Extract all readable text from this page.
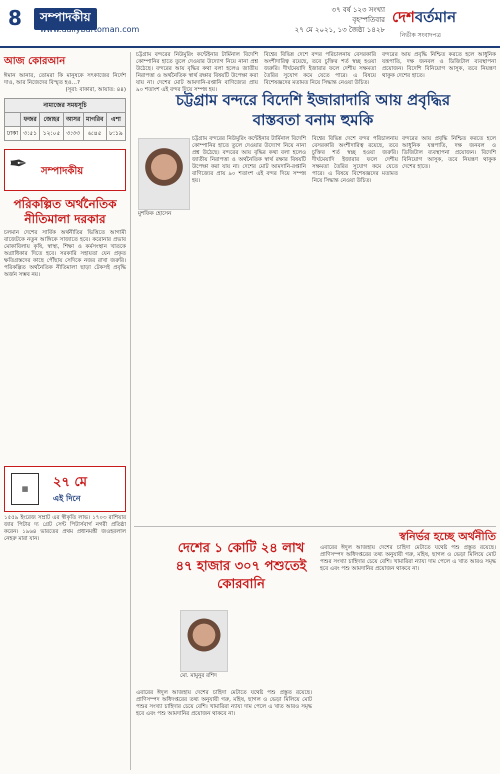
8	সম্পাদকীয়
www.dailybartoman.com
৩৭ বর্ষ ১২৩ সংখ্যা
বৃহস্পতিবার
২৭ মে ২০২১, ১৩ জৈষ্ঠ্য ১৪২৮
দেশবর্তমান
নির্ভীক সংবাদপত্র
আজ কোরআন
ঈমান আনার, তোমরা কি মানুষকে সৎকাজের নির্দেশ দাও, আর নিজেদের বিস্মৃত হও…?
(সূরা: বাকারা, আয়াত: ৪৪)
নামাজের সময়সূচি					
	ফজর	জোহর	আসর	মাগরিব	এশা
ঢাকা	৩:৫১	১২:০৫	৩:৩৩	৬:৪৫	৮:১৯
✒ সম্পাদকীয়
পরিকল্পিত অর্থনৈতিক নীতিমালা দরকার
চলমান দেশের সার্বিক অর্থনীতির ভিত্তিতে আগামী বাজেটকে নতুন আঙ্গিকে সাজাতে হবে। করোনার প্রভাব মোকাবিলায় কৃষি, স্বাস্থ্য, শিক্ষা ও কর্মসংস্থান খাতকে অগ্রাধিকার দিতে হবে। সরকারি সহায়তা যেন প্রকৃত ক্ষতিগ্রস্তদের কাছে পৌঁছায় সেদিকে নজর রাখা জরুরি। পরিকল্পিত অর্থনৈতিক নীতিমালা ছাড়া টেকসই প্রবৃদ্ধি অর্জন সম্ভব নয়।
▦	২৭ মে
এই দিনে
১৫৫৯ ইংরেজ সম্রাট এর স্বীকৃতি লাভ। ১৭০৩ রাশিয়ার জার পিটার দ্য গ্রেট সেন্ট পিটার্সবার্গ নগরী প্রতিষ্ঠা করেন। ১৯৬৪ ভারতের প্রথম প্রধানমন্ত্রী জওহরলাল নেহরু মারা যান।
চট্টগ্রাম বন্দরের নিউমুরিং কন্টেইনার টার্মিনাল বিদেশি কোম্পানির হাতে তুলে দেওয়ার উদ্যোগ নিয়ে নানা প্রশ্ন উঠেছে। বন্দরের আয় বৃদ্ধির কথা বলা হলেও জাতীয় নিরাপত্তা ও অর্থনৈতিক স্বার্থ রক্ষার বিষয়টি উপেক্ষা করা যায় না। দেশের মোট আমদানি-রপ্তানি বাণিজ্যের প্রায় ৯০ শতাংশ এই বন্দর দিয়ে সম্পন্ন হয়।
বিশ্বের বিভিন্ন দেশে বন্দর পরিচালনায় বেসরকারি অংশীদারিত্ব রয়েছে, তবে চুক্তির শর্ত স্বচ্ছ হওয়া জরুরি। দীর্ঘমেয়াদি ইজারার ফলে দেশীয় সক্ষমতা তৈরির সুযোগ কমে যেতে পারে। এ বিষয়ে বিশেষজ্ঞদের মতামত নিয়ে সিদ্ধান্ত নেওয়া উচিত।
বন্দরের আয় প্রবৃদ্ধি নিশ্চিত করতে হলে আধুনিক যন্ত্রপাতি, দক্ষ জনবল ও ডিজিটাল ব্যবস্থাপনা প্রয়োজন। বিদেশি বিনিয়োগ আসুক, তবে নিয়ন্ত্রণ থাকুক দেশের হাতে।
চট্টগ্রাম বন্দরে বিদেশি ইজারাদারি আয় প্রবৃদ্ধির বাস্তবতা বনাম হুমকি
মুশফিক হোসেন
চট্টগ্রাম বন্দরের নিউমুরিং কন্টেইনার টার্মিনাল বিদেশি কোম্পানির হাতে তুলে দেওয়ার উদ্যোগ নিয়ে নানা প্রশ্ন উঠেছে। বন্দরের আয় বৃদ্ধির কথা বলা হলেও জাতীয় নিরাপত্তা ও অর্থনৈতিক স্বার্থ রক্ষার বিষয়টি উপেক্ষা করা যায় না। দেশের মোট আমদানি-রপ্তানি বাণিজ্যের প্রায় ৯০ শতাংশ এই বন্দর দিয়ে সম্পন্ন হয়।
বিশ্বের বিভিন্ন দেশে বন্দর পরিচালনায় বেসরকারি অংশীদারিত্ব রয়েছে, তবে চুক্তির শর্ত স্বচ্ছ হওয়া জরুরি। দীর্ঘমেয়াদি ইজারার ফলে দেশীয় সক্ষমতা তৈরির সুযোগ কমে যেতে পারে। এ বিষয়ে বিশেষজ্ঞদের মতামত নিয়ে সিদ্ধান্ত নেওয়া উচিত।
বন্দরের আয় প্রবৃদ্ধি নিশ্চিত করতে হলে আধুনিক যন্ত্রপাতি, দক্ষ জনবল ও ডিজিটাল ব্যবস্থাপনা প্রয়োজন। বিদেশি বিনিয়োগ আসুক, তবে নিয়ন্ত্রণ থাকুক দেশের হাতে।
স্বনির্ভর হচ্ছে অর্থনীতি
দেশের ১ কোটি ২৪ লাখ ৪৭ হাজার ৩০৭ পশুতেই কোরবানি
মো. মামুনুর রশিদ
এবারের ঈদুল আজহায় দেশের চাহিদা মেটাতে যথেষ্ট পশু প্রস্তুত রয়েছে। প্রাণিসম্পদ অধিদপ্তরের তথ্য অনুযায়ী গরু, মহিষ, ছাগল ও ভেড়া মিলিয়ে মোট পশুর সংখ্যা চাহিদার চেয়ে বেশি। খামারিরা ন্যায্য দাম পেলে এ খাত আরও সমৃদ্ধ হবে এবং পশু আমদানির প্রয়োজন থাকবে না।
এবারের ঈদুল আজহায় দেশের চাহিদা মেটাতে যথেষ্ট পশু প্রস্তুত রয়েছে। প্রাণিসম্পদ অধিদপ্তরের তথ্য অনুযায়ী গরু, মহিষ, ছাগল ও ভেড়া মিলিয়ে মোট পশুর সংখ্যা চাহিদার চেয়ে বেশি। খামারিরা ন্যায্য দাম পেলে এ খাত আরও সমৃদ্ধ হবে এবং পশু আমদানির প্রয়োজন থাকবে না।
